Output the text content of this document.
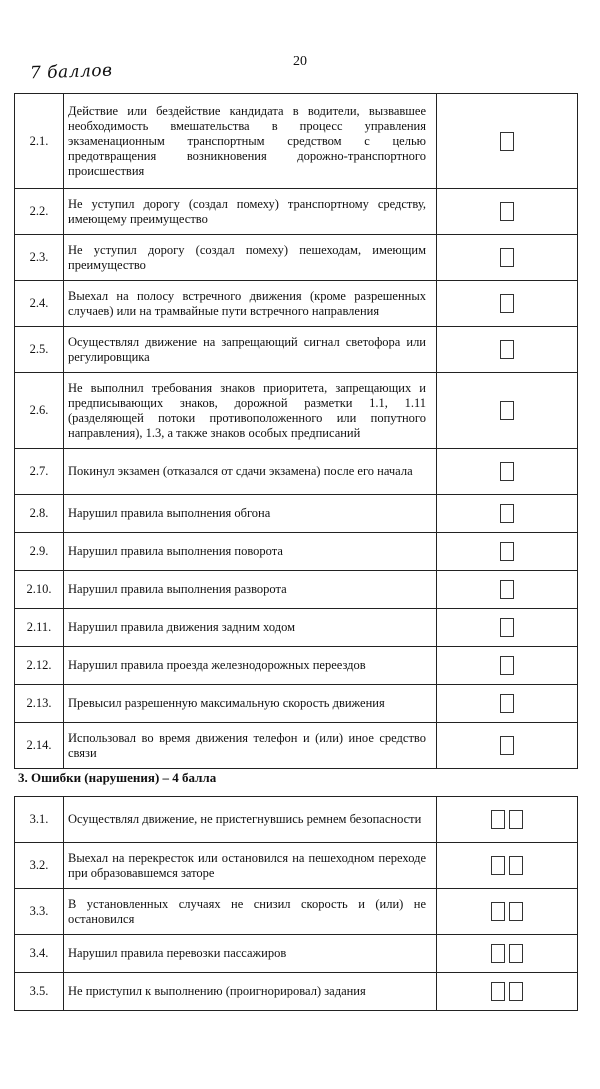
20
7 баллов
2.1.	Действие или бездействие кандидата в водители, вызвавшее необходимость вмешательства в процесс управления экзаменационным транспортным средством с целью предотвращения возникновения дорожно-транспортного происшествия	
2.2.	Не уступил дорогу (создал помеху) транспортному средству, имеющему преимущество	
2.3.	Не уступил дорогу (создал помеху) пешеходам, имеющим преимущество	
2.4.	Выехал на полосу встречного движения (кроме разрешенных случаев) или на трамвайные пути встречного направления	
2.5.	Осуществлял движение на запрещающий сигнал светофора или регулировщика	
2.6.	Не выполнил требования знаков приоритета, запрещающих и предписывающих знаков, дорожной разметки 1.1, 1.11 (разделяющей потоки противоположенного или попутного направления), 1.3, а также знаков особых предписаний	
2.7.	Покинул экзамен (отказался от сдачи экзамена) после его начала	
2.8.	Нарушил правила выполнения обгона	
2.9.	Нарушил правила выполнения поворота	
2.10.	Нарушил правила выполнения разворота	
2.11.	Нарушил правила движения задним ходом	
2.12.	Нарушил правила проезда железнодорожных переездов	
2.13.	Превысил разрешенную максимальную скорость движения	
2.14.	Использовал во время движения телефон и (или) иное средство связи	
3. Ошибки (нарушения) – 4 балла
3.1.	Осуществлял движение, не пристегнувшись ремнем безопасности	
3.2.	Выехал на перекресток или остановился на пешеходном переходе при образовавшемся заторе	
3.3.	В установленных случаях не снизил скорость и (или) не остановился	
3.4.	Нарушил правила перевозки пассажиров	
3.5.	Не приступил к выполнению (проигнорировал) задания	
